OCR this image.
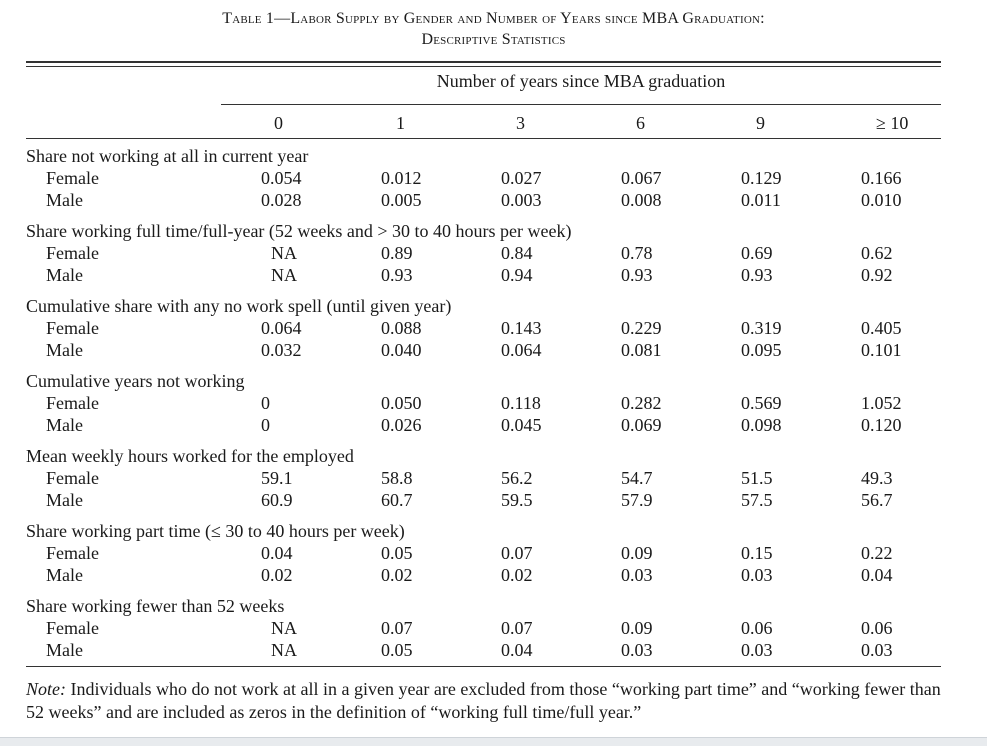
Table 1—Labor Supply by Gender and Number of Years since MBA Graduation:
Descriptive Statistics
Number of years since MBA graduation
	0	1	3	6	9	≥ 10
Share not working at all in current year						
Female	0.054	0.012	0.027	0.067	0.129	0.166
Male	0.028	0.005	0.003	0.008	0.011	0.010
Share working full time/full-year (52 weeks and > 30 to 40 hours per week)						
Female	NA	0.89	0.84	0.78	0.69	0.62
Male	NA	0.93	0.94	0.93	0.93	0.92
Cumulative share with any no work spell (until given year)						
Female	0.064	0.088	0.143	0.229	0.319	0.405
Male	0.032	0.040	0.064	0.081	0.095	0.101
Cumulative years not working						
Female	0	0.050	0.118	0.282	0.569	1.052
Male	0	0.026	0.045	0.069	0.098	0.120
Mean weekly hours worked for the employed						
Female	59.1	58.8	56.2	54.7	51.5	49.3
Male	60.9	60.7	59.5	57.9	57.5	56.7
Share working part time (≤ 30 to 40 hours per week)						
Female	0.04	0.05	0.07	0.09	0.15	0.22
Male	0.02	0.02	0.02	0.03	0.03	0.04
Share working fewer than 52 weeks						
Female	NA	0.07	0.07	0.09	0.06	0.06
Male	NA	0.05	0.04	0.03	0.03	0.03
Note: Individuals who do not work at all in a given year are excluded from those “working part time” and “working fewer than 52 weeks” and are included as zeros in the definition of “working full time/full year.”
